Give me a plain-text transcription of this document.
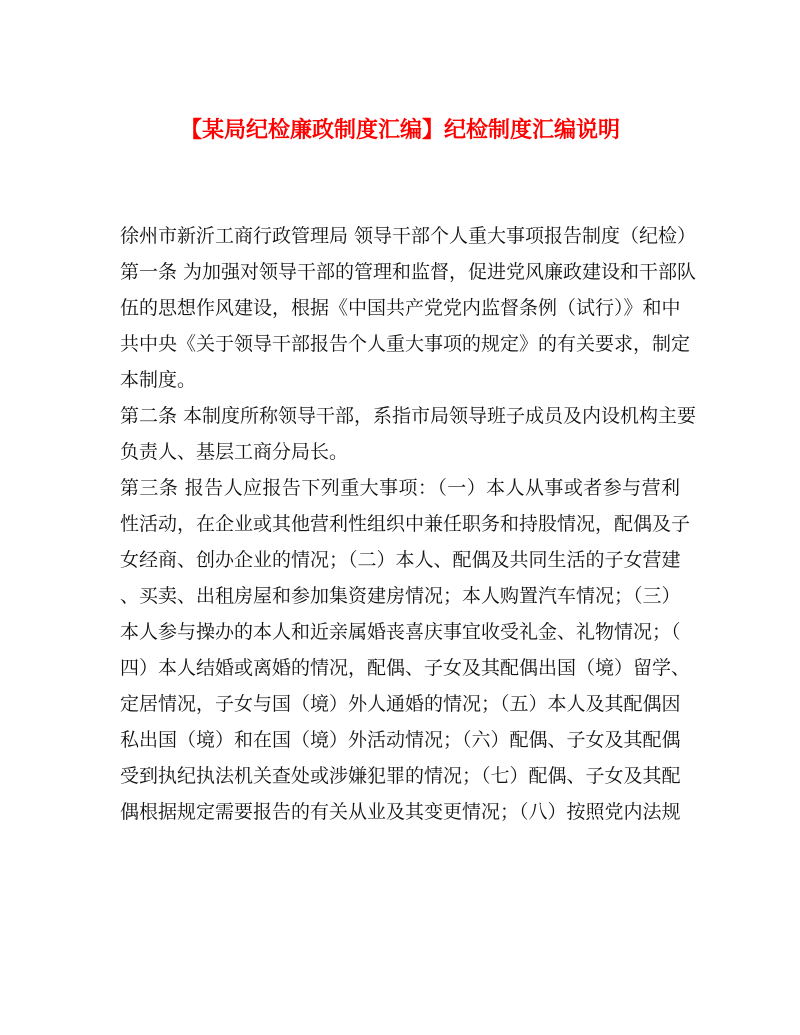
【某局纪检廉政制度汇编】纪检制度汇编说明
徐州市新沂工商行政管理局 领导干部个人重大事项报告制度（纪检）
第一条 为加强对领导干部的管理和监督，促进党风廉政建设和干部队
伍的思想作风建设，根据《中国共产党党内监督条例（试行）》和中
共中央《关于领导干部报告个人重大事项的规定》的有关要求，制定
本制度。
第二条 本制度所称领导干部，系指市局领导班子成员及内设机构主要
负责人、基层工商分局长。
第三条 报告人应报告下列重大事项：（一）本人从事或者参与营利
性活动，在企业或其他营利性组织中兼任职务和持股情况，配偶及子
女经商、创办企业的情况；（二）本人、配偶及共同生活的子女营建
、买卖、出租房屋和参加集资建房情况；本人购置汽车情况；（三）
本人参与操办的本人和近亲属婚丧喜庆事宜收受礼金、礼物情况；（
四）本人结婚或离婚的情况，配偶、子女及其配偶出国（境）留学、
定居情况，子女与国（境）外人通婚的情况；（五）本人及其配偶因
私出国（境）和在国（境）外活动情况；（六）配偶、子女及其配偶
受到执纪执法机关查处或涉嫌犯罪的情况；（七）配偶、子女及其配
偶根据规定需要报告的有关从业及其变更情况；（八）按照党内法规
